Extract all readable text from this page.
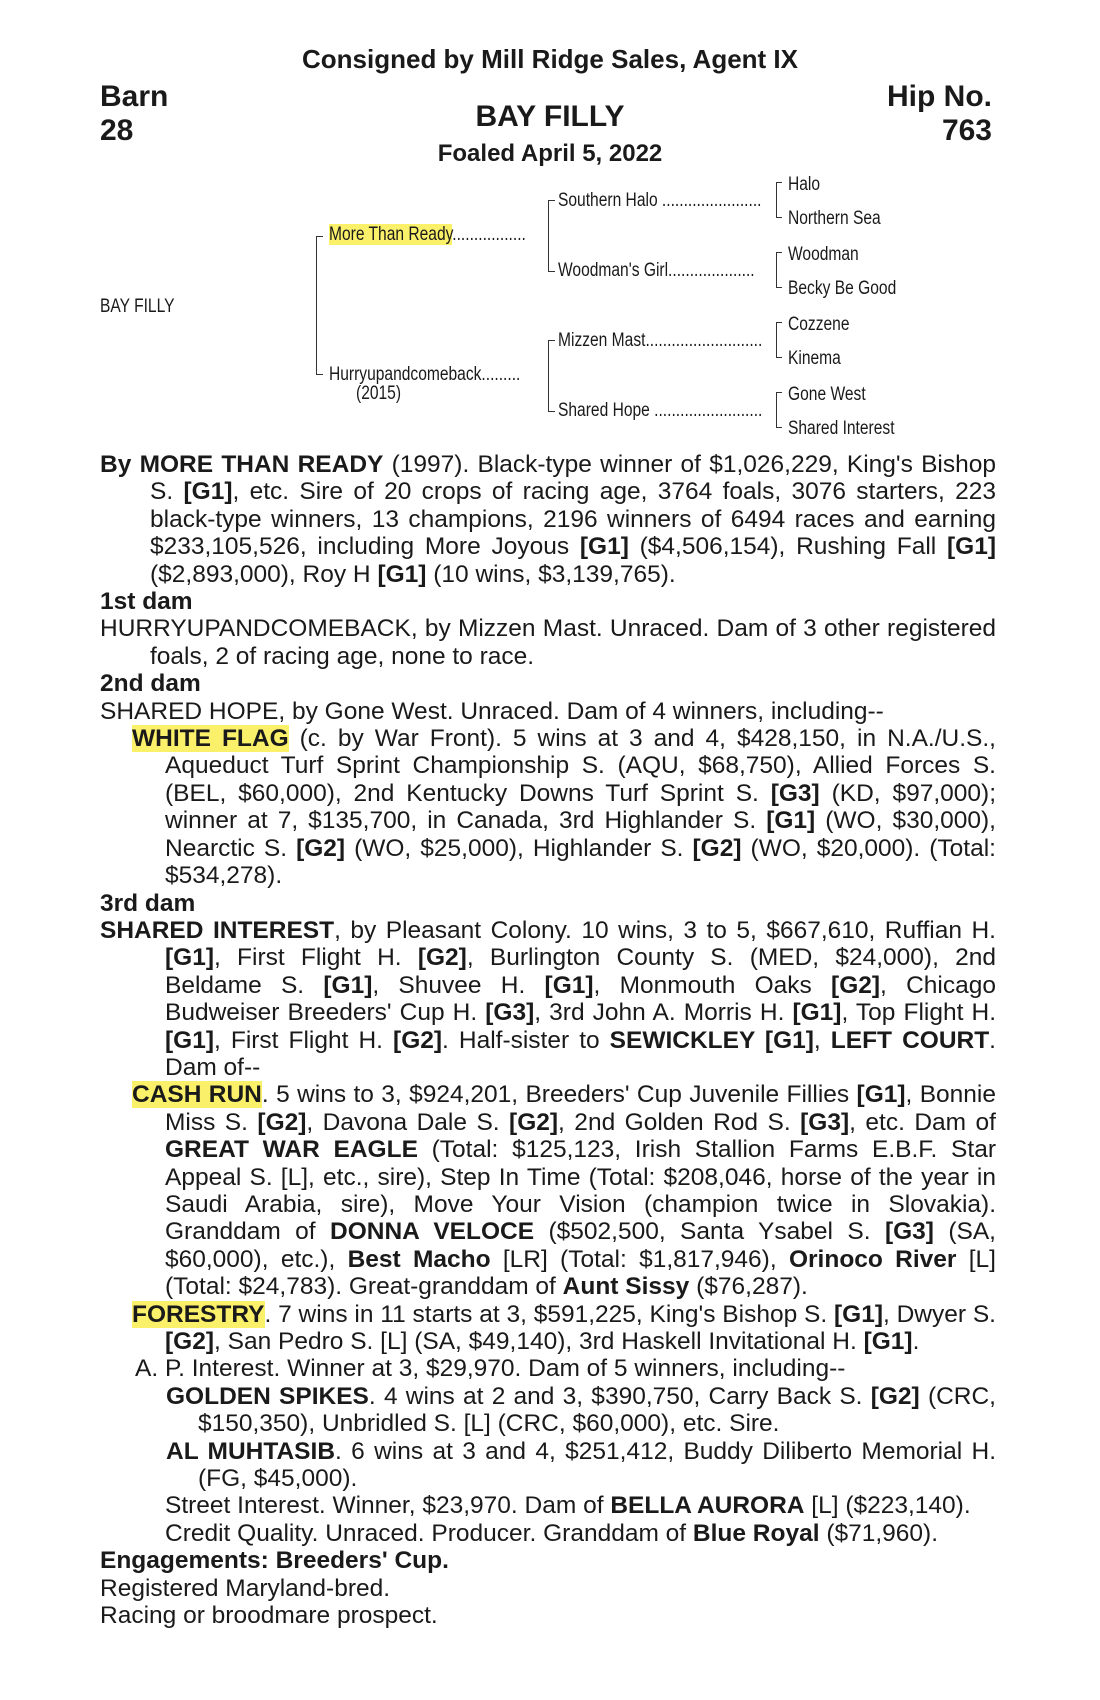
Consigned by Mill Ridge Sales, Agent IX
Barn
28
Hip No.
763
BAY FILLY
Foaled April 5, 2022
BAY FILLY
More Than Ready.................
Hurryupandcomeback.........
(2015)
Southern Halo .......................
Woodman's Girl....................
Mizzen Mast...........................
Shared Hope .........................
Halo
Northern Sea
Woodman
Becky Be Good
Cozzene
Kinema
Gone West
Shared Interest

By MORE THAN READY (1997). Black-type winner of $1,026,229, King's Bishop S. [G1], etc. Sire of 20 crops of racing age, 3764 foals, 3076 starters, 223 black-type winners, 13 champions, 2196 winners of 6494 races and earning $233,105,526, including More Joyous [G1] ($4,506,154), Rushing Fall [G1] ($2,893,000), Roy H [G1] (10 wins, $3,139,765).

1st dam

HURRYUPANDCOMEBACK, by Mizzen Mast. Unraced. Dam of 3 other registered foals, 2 of racing age, none to race.

2nd dam

SHARED HOPE, by Gone West. Unraced. Dam of 4 winners, including--

WHITE FLAG (c. by War Front). 5 wins at 3 and 4, $428,150, in N.A./U.S., Aqueduct Turf Sprint Championship S. (AQU, $68,750), Allied Forces S. (BEL, $60,000), 2nd Kentucky Downs Turf Sprint S. [G3] (KD, $97,000); winner at 7, $135,700, in Canada, 3rd Highlander S. [G1] (WO, $30,000), Nearctic S. [G2] (WO, $25,000), Highlander S. [G2] (WO, $20,000). (Total: $534,278).

3rd dam

SHARED INTEREST, by Pleasant Colony. 10 wins, 3 to 5, $667,610, Ruffian H. [G1], First Flight H. [G2], Burlington County S. (MED, $24,000), 2nd Beldame S. [G1], Shuvee H. [G1], Monmouth Oaks [G2], Chicago Budweiser Breeders' Cup H. [G3], 3rd John A. Morris H. [G1], Top Flight H. [G1], First Flight H. [G2]. Half-sister to SEWICKLEY [G1], LEFT COURT. Dam of--

CASH RUN. 5 wins to 3, $924,201, Breeders' Cup Juvenile Fillies [G1], Bonnie Miss S. [G2], Davona Dale S. [G2], 2nd Golden Rod S. [G3], etc. Dam of GREAT WAR EAGLE (Total: $125,123, Irish Stallion Farms E.B.F. Star Appeal S. [L], etc., sire), Step In Time (Total: $208,046, horse of the year in Saudi Arabia, sire), Move Your Vision (champion twice in Slovakia). Granddam of DONNA VELOCE ($502,500, Santa Ysabel S. [G3] (SA, $60,000), etc.), Best Macho [LR] (Total: $1,817,946), Orinoco River [L] (Total: $24,783). Great-granddam of Aunt Sissy ($76,287).

FORESTRY. 7 wins in 11 starts at 3, $591,225, King's Bishop S. [G1], Dwyer S. [G2], San Pedro S. [L] (SA, $49,140), 3rd Haskell Invitational H. [G1].

A. P. Interest. Winner at 3, $29,970. Dam of 5 winners, including--

GOLDEN SPIKES. 4 wins at 2 and 3, $390,750, Carry Back S. [G2] (CRC, $150,350), Unbridled S. [L] (CRC, $60,000), etc. Sire.

AL MUHTASIB. 6 wins at 3 and 4, $251,412, Buddy Diliberto Memorial H. (FG, $45,000).

Street Interest. Winner, $23,970. Dam of BELLA AURORA [L] ($223,140).

Credit Quality. Unraced. Producer. Granddam of Blue Royal ($71,960).

Engagements: Breeders' Cup.

Registered Maryland-bred.

Racing or broodmare prospect.
